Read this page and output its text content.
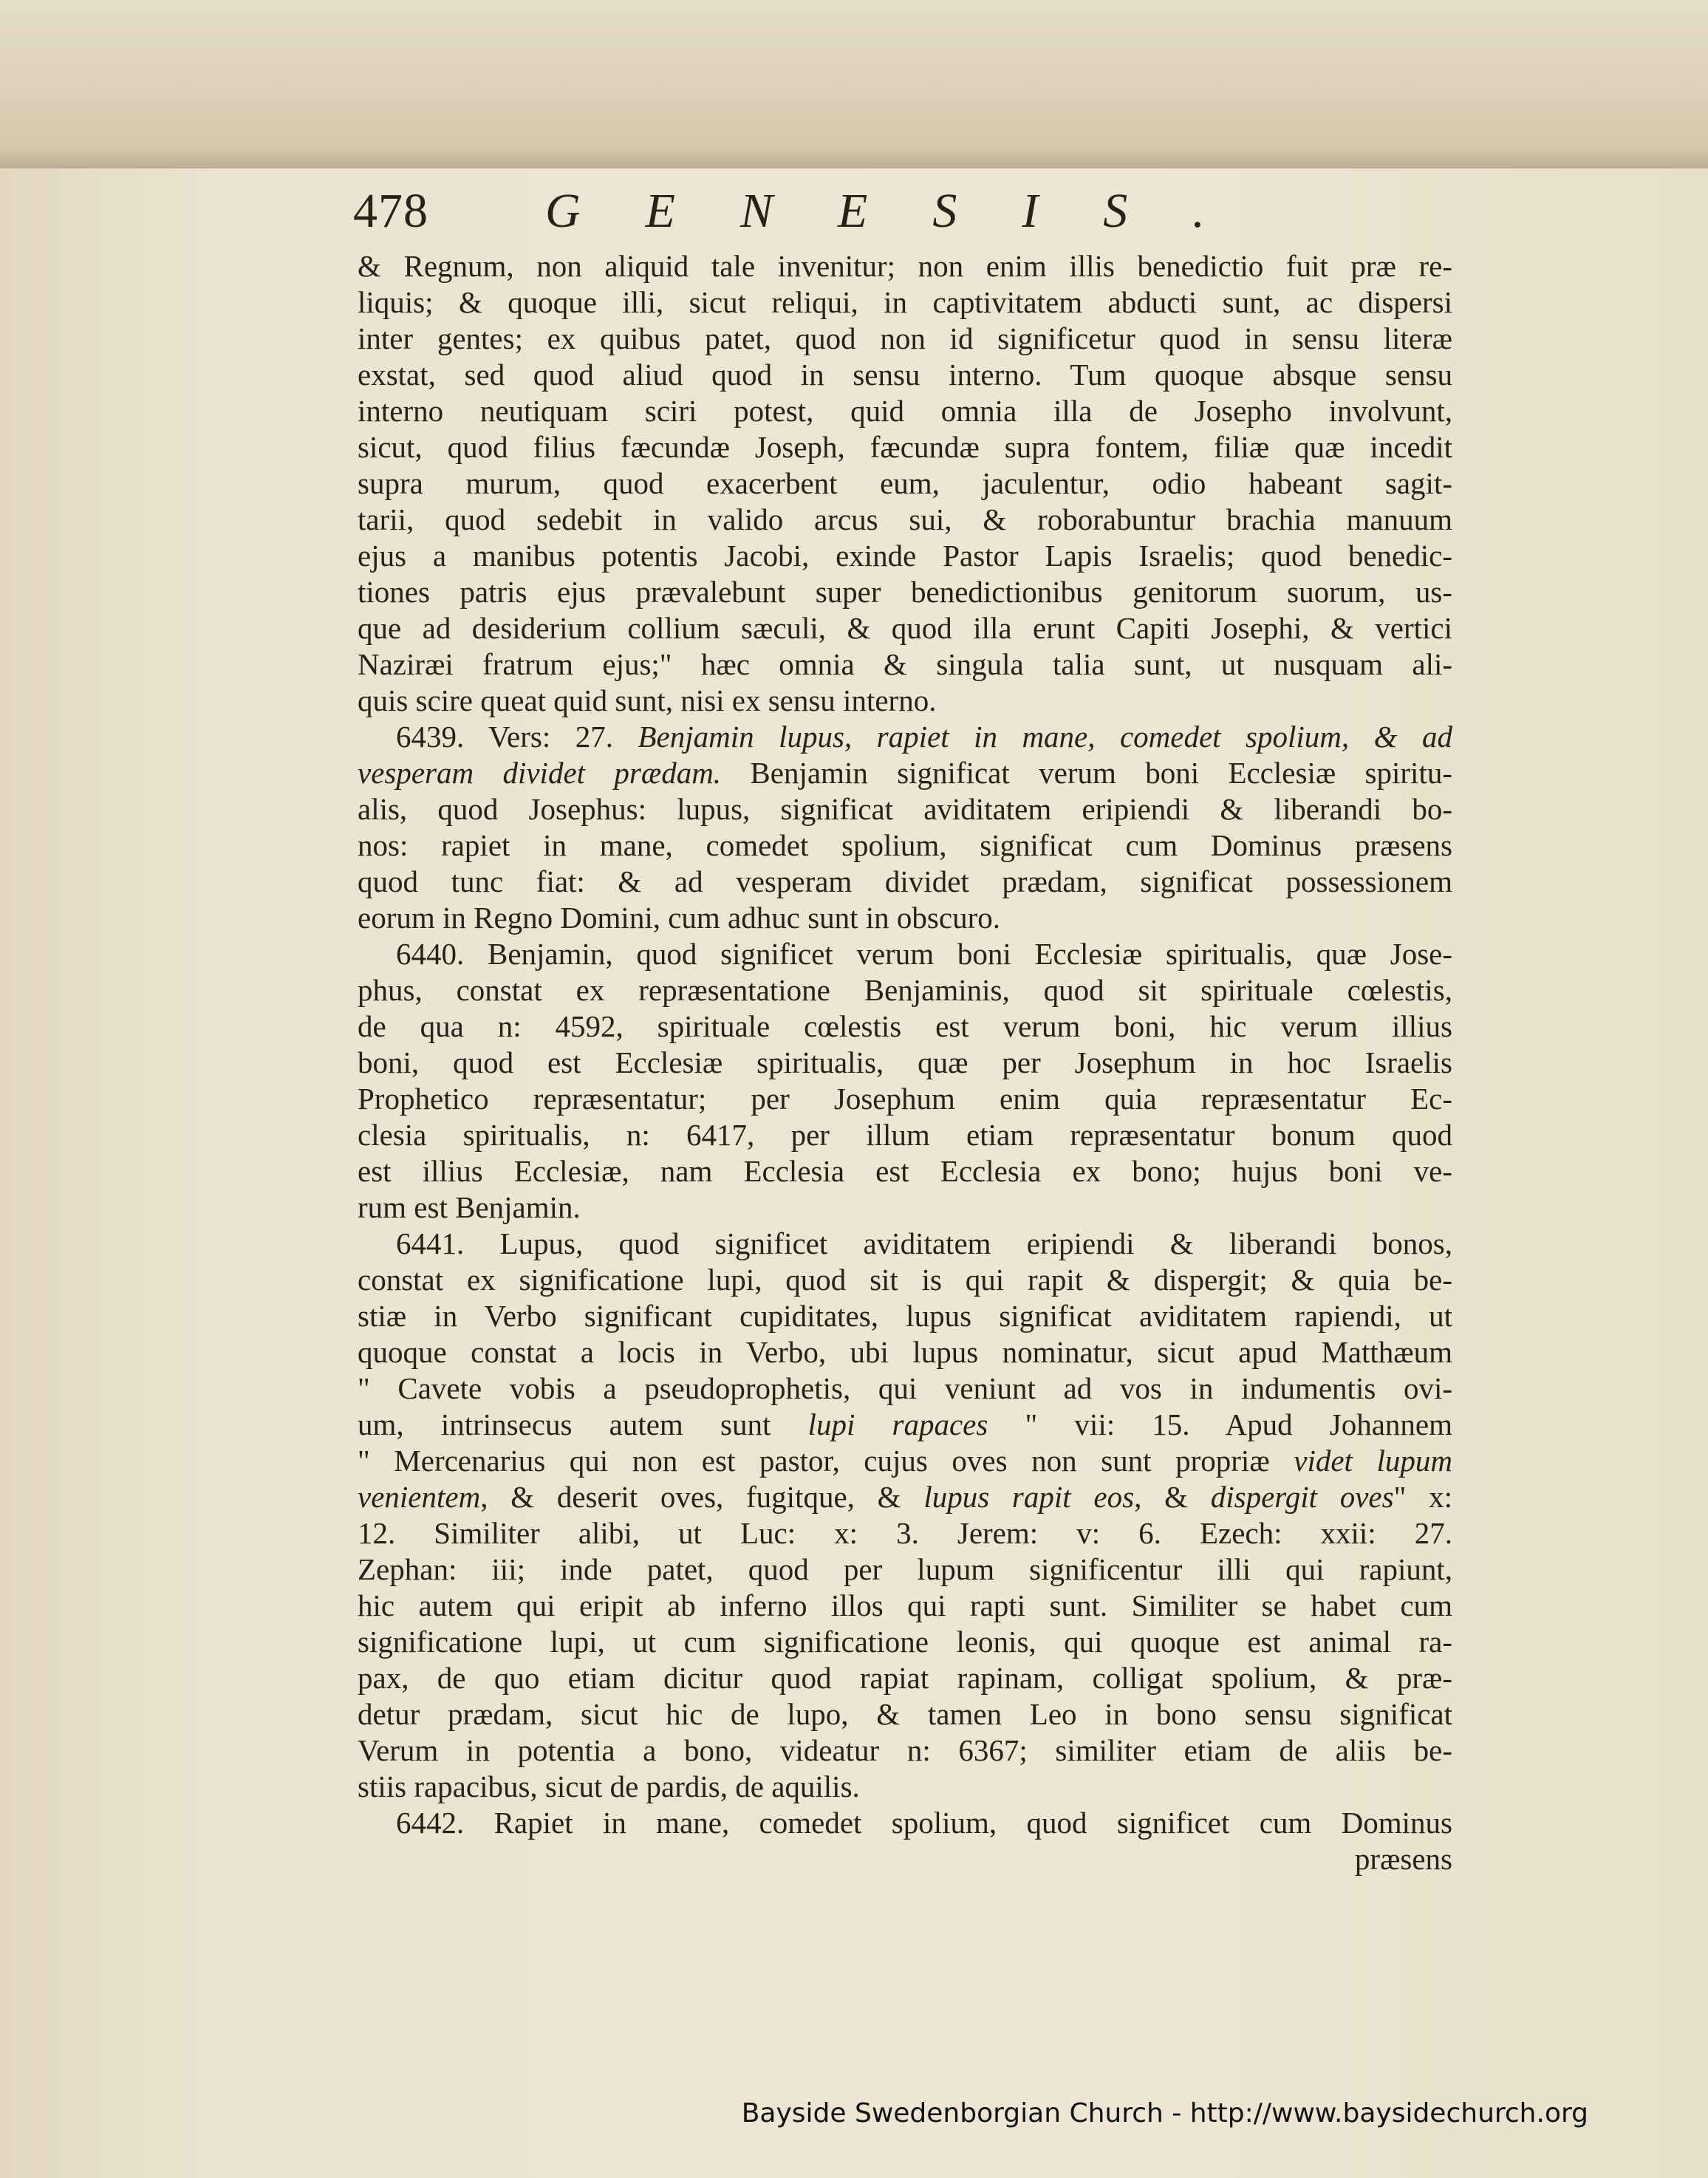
478 GENESIS.
& Regnum, non aliquid tale invenitur; non enim illis benedictio fuit præ re-
liquis; & quoque illi, sicut reliqui, in captivitatem abducti sunt, ac dispersi
inter gentes; ex quibus patet, quod non id significetur quod in sensu literæ
exstat, sed quod aliud quod in sensu interno. Tum quoque absque sensu
interno neutiquam sciri potest, quid omnia illa de Josepho involvunt,
sicut, quod filius fæcundæ Joseph, fæcundæ supra fontem, filiæ quæ incedit
supra murum, quod exacerbent eum, jaculentur, odio habeant sagit-
tarii, quod sedebit in valido arcus sui, & roborabuntur brachia manuum
ejus a manibus potentis Jacobi, exinde Pastor Lapis Israelis; quod benedic-
tiones patris ejus prævalebunt super benedictionibus genitorum suorum, us-
que ad desiderium collium sæculi, & quod illa erunt Capiti Josephi, & vertici
Naziræi fratrum ejus;" hæc omnia & singula talia sunt, ut nusquam ali-
quis scire queat quid sunt, nisi ex sensu interno.
6439. Vers: 27. Benjamin lupus, rapiet in mane, comedet spolium, & ad
vesperam dividet prædam. Benjamin significat verum boni Ecclesiæ spiritu-
alis, quod Josephus: lupus, significat aviditatem eripiendi & liberandi bo-
nos: rapiet in mane, comedet spolium, significat cum Dominus præsens
quod tunc fiat: & ad vesperam dividet prædam, significat possessionem
eorum in Regno Domini, cum adhuc sunt in obscuro.
6440. Benjamin, quod significet verum boni Ecclesiæ spiritualis, quæ Jose-
phus, constat ex repræsentatione Benjaminis, quod sit spirituale cœlestis,
de qua n: 4592, spirituale cœlestis est verum boni, hic verum illius
boni, quod est Ecclesiæ spiritualis, quæ per Josephum in hoc Israelis
Prophetico repræsentatur; per Josephum enim quia repræsentatur Ec-
clesia spiritualis, n: 6417, per illum etiam repræsentatur bonum quod
est illius Ecclesiæ, nam Ecclesia est Ecclesia ex bono; hujus boni ve-
rum est Benjamin.
6441. Lupus, quod significet aviditatem eripiendi & liberandi bonos,
constat ex significatione lupi, quod sit is qui rapit & dispergit; & quia be-
stiæ in Verbo significant cupiditates, lupus significat aviditatem rapiendi, ut
quoque constat a locis in Verbo, ubi lupus nominatur, sicut apud Matthæum
" Cavete vobis a pseudoprophetis, qui veniunt ad vos in indumentis ovi-
um, intrinsecus autem sunt lupi rapaces " vii: 15. Apud Johannem
" Mercenarius qui non est pastor, cujus oves non sunt propriæ videt lupum
venientem, & deserit oves, fugitque, & lupus rapit eos, & dispergit oves" x:
12. Similiter alibi, ut Luc: x: 3. Jerem: v: 6. Ezech: xxii: 27.
Zephan: iii; inde patet, quod per lupum significentur illi qui rapiunt,
hic autem qui eripit ab inferno illos qui rapti sunt. Similiter se habet cum
significatione lupi, ut cum significatione leonis, qui quoque est animal ra-
pax, de quo etiam dicitur quod rapiat rapinam, colligat spolium, & præ-
detur prædam, sicut hic de lupo, & tamen Leo in bono sensu significat
Verum in potentia a bono, videatur n: 6367; similiter etiam de aliis be-
stiis rapacibus, sicut de pardis, de aquilis.
6442. Rapiet in mane, comedet spolium, quod significet cum Dominus
præsens
Bayside Swedenborgian Church - http://www.baysidechurch.org
